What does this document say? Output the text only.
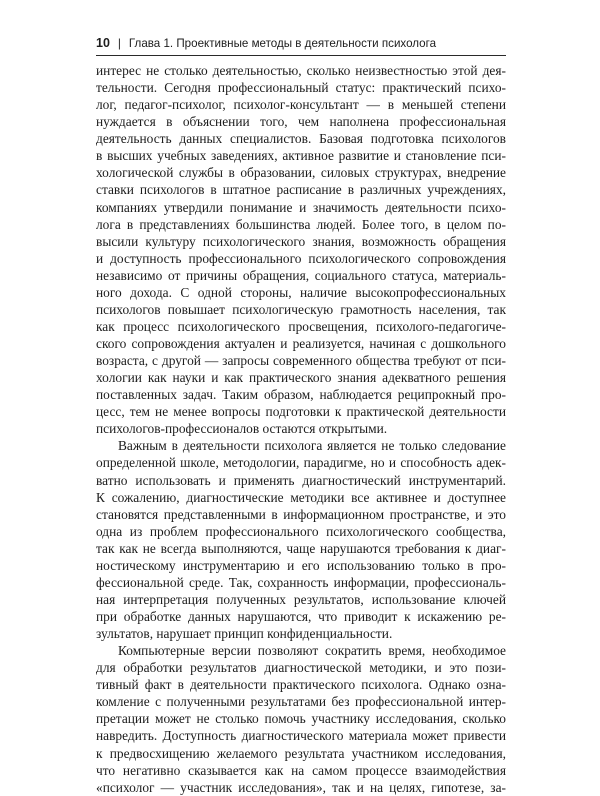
10 | Глава 1. Проективные методы в деятельности психолога
интерес не столько деятельностью, сколько неизвестностью этой дея-
тельности. Сегодня профессиональный статус: практический психо-
лог, педагог-психолог, психолог-консультант — в меньшей степени
нуждается в объяснении того, чем наполнена профессиональная
деятельность данных специалистов. Базовая подготовка психологов
в высших учебных заведениях, активное развитие и становление пси-
хологической службы в образовании, силовых структурах, внедрение
ставки психологов в штатное расписание в различных учреждениях,
компаниях утвердили понимание и значимость деятельности психо-
лога в представлениях большинства людей. Более того, в целом по-
высили культуру психологического знания, возможность обращения
и доступность профессионального психологического сопровождения
независимо от причины обращения, социального статуса, материаль-
ного дохода. С одной стороны, наличие высокопрофессиональных
психологов повышает психологическую грамотность населения, так
как процесс психологического просвещения, психолого-педагогиче-
ского сопровождения актуален и реализуется, начиная с дошкольного
возраста, с другой — запросы современного общества требуют от пси-
хологии как науки и как практического знания адекватного решения
поставленных задач. Таким образом, наблюдается реципрокный про-
цесс, тем не менее вопросы подготовки к практической деятельности
психологов-профессионалов остаются открытыми.
Важным в деятельности психолога является не только следование
определенной школе, методологии, парадигме, но и способность адек-
ватно использовать и применять диагностический инструментарий.
К сожалению, диагностические методики все активнее и доступнее
становятся представленными в информационном пространстве, и это
одна из проблем профессионального психологического сообщества,
так как не всегда выполняются, чаще нарушаются требования к диаг-
ностическому инструментарию и его использованию только в про-
фессиональной среде. Так, сохранность информации, профессиональ-
ная интерпретация полученных результатов, использование ключей
при обработке данных нарушаются, что приводит к искажению ре-
зультатов, нарушает принцип конфиденциальности.
Компьютерные версии позволяют сократить время, необходимое
для обработки результатов диагностической методики, и это пози-
тивный факт в деятельности практического психолога. Однако озна-
комление с полученными результатами без профессиональной интер-
претации может не столько помочь участнику исследования, сколько
навредить. Доступность диагностического материала может привести
к предвосхищению желаемого результата участником исследования,
что негативно сказывается как на самом процессе взаимодействия
«психолог — участник исследования», так и на целях, гипотезе, за-
